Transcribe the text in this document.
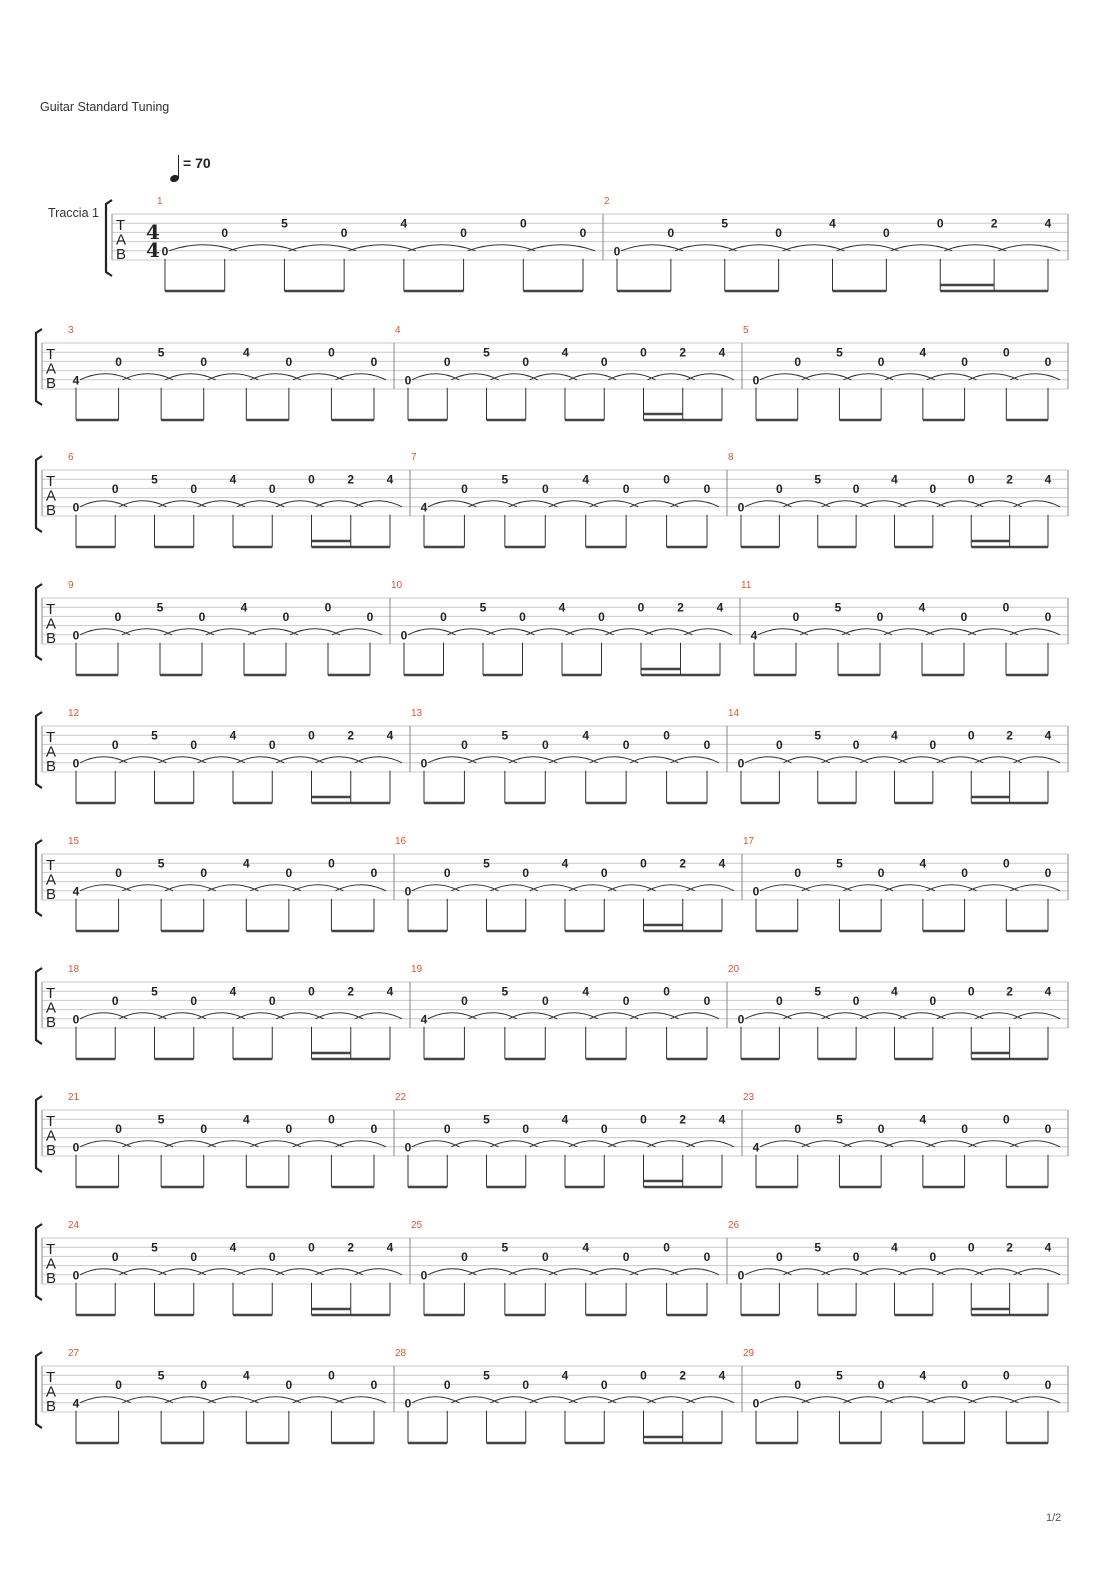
Guitar Standard Tuning
= 70
Traccia 1
1/2
T
A
B
4
4
1
0
0
5
0
4
0
0
0
2
0
0
5
0
4
0
0	2	4
T
A
B
3
4
0
5
0
4
0
0
0
4
0
0
5
0
4
0
0	2	4
5
0
0
5
0
4
0
0
0
T
A
B
6
0
0
5
0
4
0
0	2	4
7
4
0
5
0
4
0
0
0
8
0
0
5
0
4
0
0	2	4
T
A
B
9
0
0
5
0
4
0
0
0
10
0
0
5
0
4
0
0	2	4
11
4
0
5
0
4
0
0
0
T
A
B
12
0
0
5
0
4
0
0	2	4
13
0
0
5
0
4
0
0
0
14
0
0
5
0
4
0
0	2	4
T
A
B
15
4
0
5
0
4
0
0
0
16
0
0
5
0
4
0
0	2	4
17
0
0
5
0
4
0
0
0
T
A
B
18
0
0
5
0
4
0
0	2	4
19
4
0
5
0
4
0
0
0
20
0
0
5
0
4
0
0	2	4
T
A
B
21
0
0
5
0
4
0
0
0
22
0
0
5
0
4
0
0	2	4
23
4
0
5
0
4
0
0
0
T
A
B
24
0
0
5
0
4
0
0	2	4
25
0
0
5
0
4
0
0
0
26
0
0
5
0
4
0
0	2	4
T
A
B
27
4
0
5
0
4
0
0
0
28
0
0
5
0
4
0
0	2	4
29
0
0
5
0
4
0
0
0
